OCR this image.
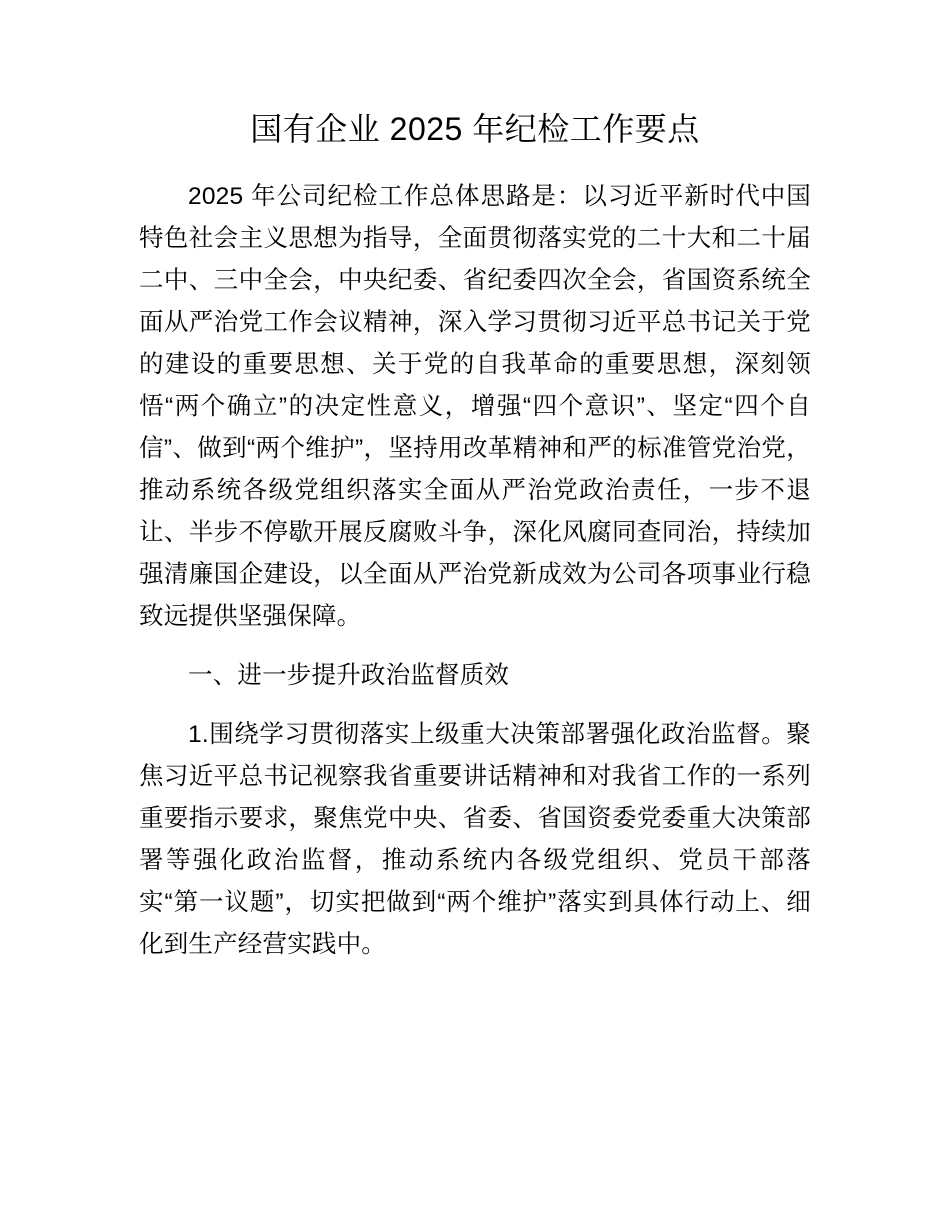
国有企业 2025 年纪检工作要点

2025 年公司纪检工作总体思路是：以习近平新时代中国特色社会主义思想为指导，全面贯彻落实党的二十大和二十届二中、三中全会，中央纪委、省纪委四次全会，省国资系统全面从严治党工作会议精神，深入学习贯彻习近平总书记关于党的建设的重要思想、关于党的自我革命的重要思想，深刻领悟“两个确立”的决定性意义，增强“四个意识”、坚定“四个自信”、做到“两个维护”，坚持用改革精神和严的标准管党治党，推动系统各级党组织落实全面从严治党政治责任，一步不退让、半步不停歇开展反腐败斗争，深化风腐同查同治，持续加强清廉国企建设，以全面从严治党新成效为公司各项事业行稳致远提供坚强保障。

一、进一步提升政治监督质效

1.围绕学习贯彻落实上级重大决策部署强化政治监督。聚焦习近平总书记视察我省重要讲话精神和对我省工作的一系列重要指示要求，聚焦党中央、省委、省国资委党委重大决策部署等强化政治监督，推动系统内各级党组织、党员干部落实“第一议题”，切实把做到“两个维护”落实到具体行动上、细化到生产经营实践中。
